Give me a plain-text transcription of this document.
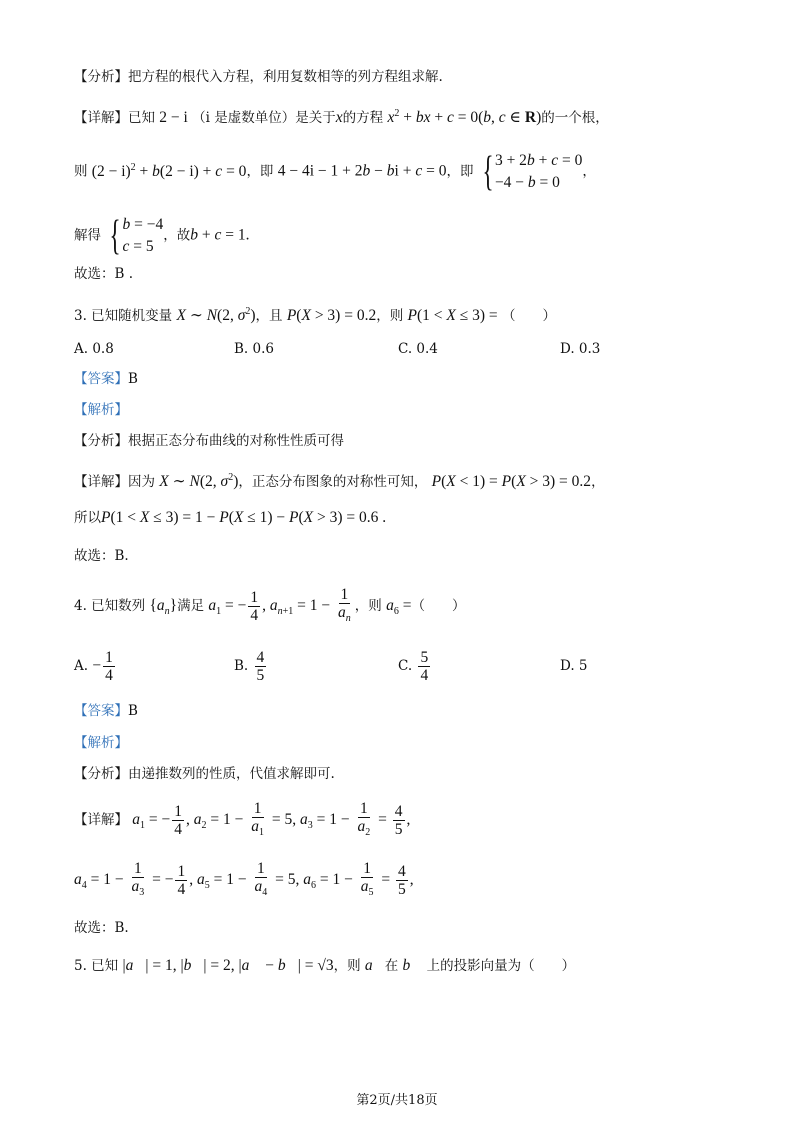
【分析】把方程的根代入方程，利用复数相等的列方程组求解.
【详解】已知 2 − i （i 是虚数单位）是关于x的方程 $x^2$ + bx + c = 0(b, c ∈ R)的一个根，
则 $(2 - i)^2 + b(2 - i) + c = 0$，即 4 − 4i − 1 + 2b − bi + c = 0，即 { 3 + 2b + c = 0
−4 − b = 0
，
解得 { b = −4
c = 5
，故b + c = 1.
故选：B .
3. 已知随机变量 X ∼ N(2, $\sigma^2$)，且 P(X > 3) = 0.2，则 P(1 < X ≤ 3) = （　　）
A. 0.8	B. 0.6	C. 0.4	D. 0.3
【答案】B
【解析】
【分析】根据正态分布曲线的对称性性质可得
【详解】因为 X ∼ N(2, $\sigma^2$)，正态分布图象的对称性可知， P(X < 1) = P(X > 3) = 0.2，
所以P(1 < X ≤ 3) = 1 − P(X ≤ 1) − P(X > 3) = 0.6 .
故选：B.
4. 已知数列 $\{a_n\}$满足 $a_1$ = − $\frac{1}{4}$ , $a_{n+1} = 1 - \frac{1}{a_n}$ ，则 $a_6$ =（　　）
A. − $\frac{1}{4}$	B. $\frac{4}{5}$	C. $\frac{5}{4}$	D. 5
【答案】B
【解析】
【分析】由递推数列的性质，代值求解即可.
【详解】 $a_1$ = − $\frac{1}{4}$ , $a_2 = 1 - \frac{1}{a_1} = 5$, $a_3 = 1 - \frac{1}{a_2} = \frac{4}{5}$ ,
$a_4 = 1 - \frac{1}{a_3}$ = − $\frac{1}{4}$ , $a_5 = 1 - \frac{1}{a_4} = 5$, $a_6 = 1 - \frac{1}{a_5} = \frac{4}{5}$ ,
故选：B.
5. 已知 |a⃗| = 1, |b⃗| = 2, |a⃗ − b⃗| = √3，则 a⃗在 b⃗ 上的投影向量为（　　）
第2页/共18页
